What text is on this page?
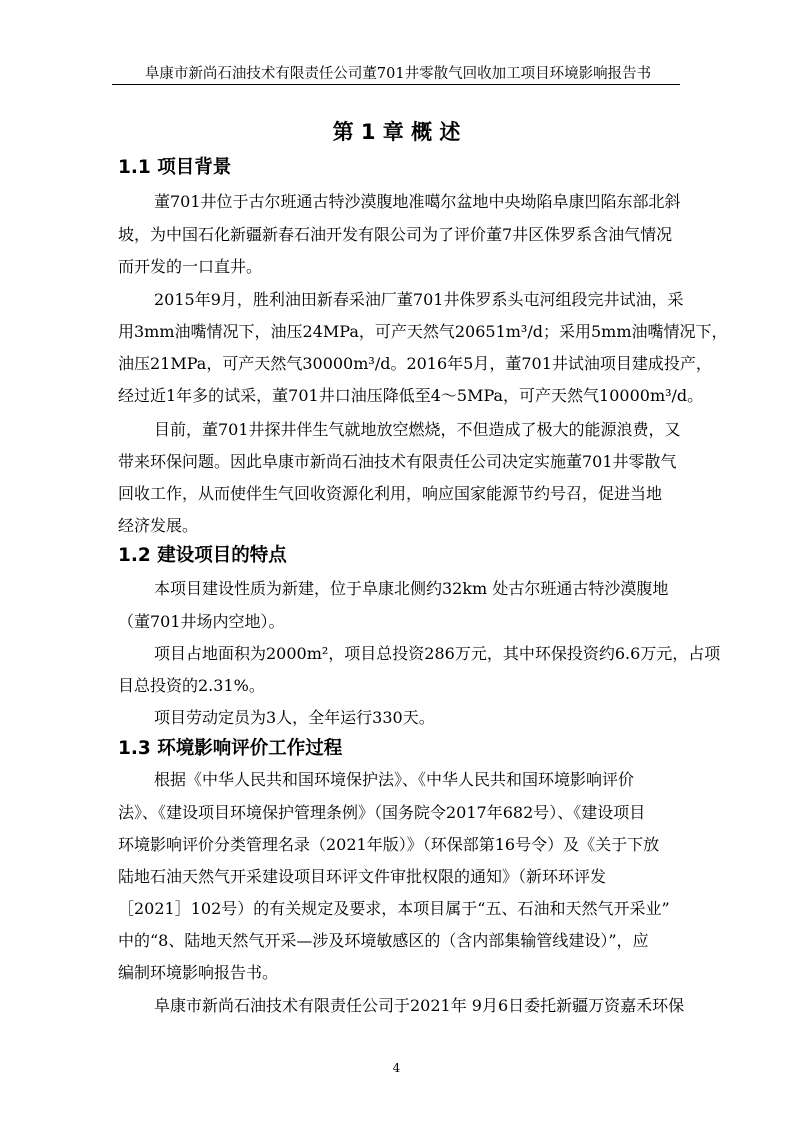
阜康市新尚石油技术有限责任公司董701井零散气回收加工项目环境影响报告书
第 1 章 概 述
1.1 项目背景
董701井位于古尔班通古特沙漠腹地准噶尔盆地中央坳陷阜康凹陷东部北斜
坡，为中国石化新疆新春石油开发有限公司为了评价董7井区侏罗系含油气情况
而开发的一口直井。
2015年9月，胜利油田新春采油厂董701井侏罗系头屯河组段完井试油，采
用3mm油嘴情况下，油压24MPa，可产天然气20651m³/d；采用5mm油嘴情况下，
油压21MPa，可产天然气30000m³/d。2016年5月，董701井试油项目建成投产，
经过近1年多的试采，董701井口油压降低至4～5MPa，可产天然气10000m³/d。
目前，董701井探井伴生气就地放空燃烧，不但造成了极大的能源浪费，又
带来环保问题。因此阜康市新尚石油技术有限责任公司决定实施董701井零散气
回收工作，从而使伴生气回收资源化利用，响应国家能源节约号召，促进当地
经济发展。
1.2 建设项目的特点
本项目建设性质为新建，位于阜康北侧约32km 处古尔班通古特沙漠腹地
（董701井场内空地）。
项目占地面积为2000m²，项目总投资286万元，其中环保投资约6.6万元，占项
目总投资的2.31%。
项目劳动定员为3人，全年运行330天。
1.3 环境影响评价工作过程
根据《中华人民共和国环境保护法》、《中华人民共和国环境影响评价
法》、《建设项目环境保护管理条例》（国务院令2017年682号）、《建设项目
环境影响评价分类管理名录（2021年版）》（环保部第16号令）及《关于下放
陆地石油天然气开采建设项目环评文件审批权限的通知》（新环环评发
［2021］102号）的有关规定及要求，本项目属于“五、石油和天然气开采业”
中的“8、陆地天然气开采—涉及环境敏感区的（含内部集输管线建设）”，应
编制环境影响报告书。
阜康市新尚石油技术有限责任公司于2021年 9月6日委托新疆万资嘉禾环保
4
